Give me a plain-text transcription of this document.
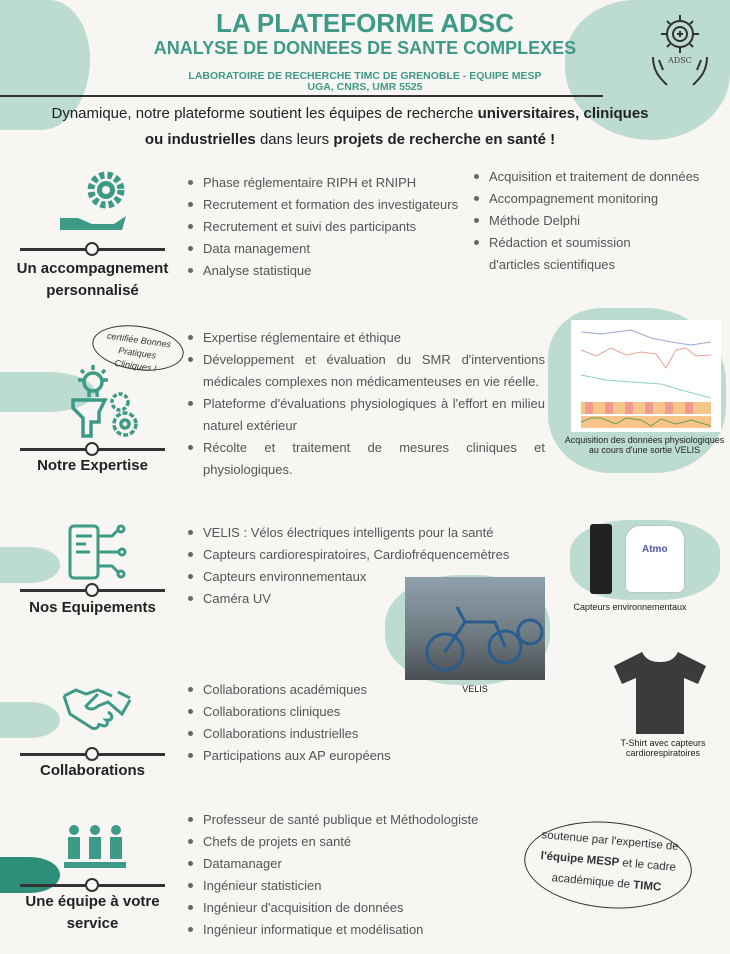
LA PLATEFORME ADSC
ANALYSE DE DONNEES DE SANTE COMPLEXES
LABORATOIRE DE RECHERCHE TIMC DE GRENOBLE - EQUIPE MESP
UGA, CNRS, UMR 5525
ADSC
Dynamique, notre plateforme soutient les équipes de recherche universitaires, cliniques
ou industrielles dans leurs projets de recherche en santé !
Un accompagnement
personnalisé
Phase réglementaire RIPH et RNIPH
Recrutement et formation des investigateurs
Recrutement et suivi des participants
Data management
Analyse statistique
Acquisition et traitement de données
Accompagnement monitoring
Méthode Delphi
Rédaction et soumission d'articles scientifiques
certifiée Bonnes Pratiques Cliniques !
Notre Expertise
Expertise réglementaire et éthique
Développement et évaluation du SMR d'interventions médicales complexes non médicamenteuses en vie réelle.
Plateforme d'évaluations physiologiques à l'effort en milieu naturel extérieur
Récolte et traitement de mesures cliniques et physiologiques.
Acquisition des données physiologiques au cours d'une sortie VELIS
Nos Equipements
VELIS : Vélos électriques intelligents pour la santé
Capteurs cardiorespiratoires, Cardiofréquencemètres
Capteurs environnementaux
Caméra UV
Atmo
Capteurs environnementaux
VELIS
T-Shirt avec capteurs cardiorespiratoires
Collaborations
Collaborations académiques
Collaborations cliniques
Collaborations industrielles
Participations aux AP européens
Une équipe à votre
service
Professeur de santé publique et Méthodologiste
Chefs de projets en santé
Datamanager
Ingénieur statisticien
Ingénieur d'acquisition de données
Ingénieur informatique et modélisation
soutenue par l'expertise de
l'équipe MESP et le cadre
académique de TIMC
